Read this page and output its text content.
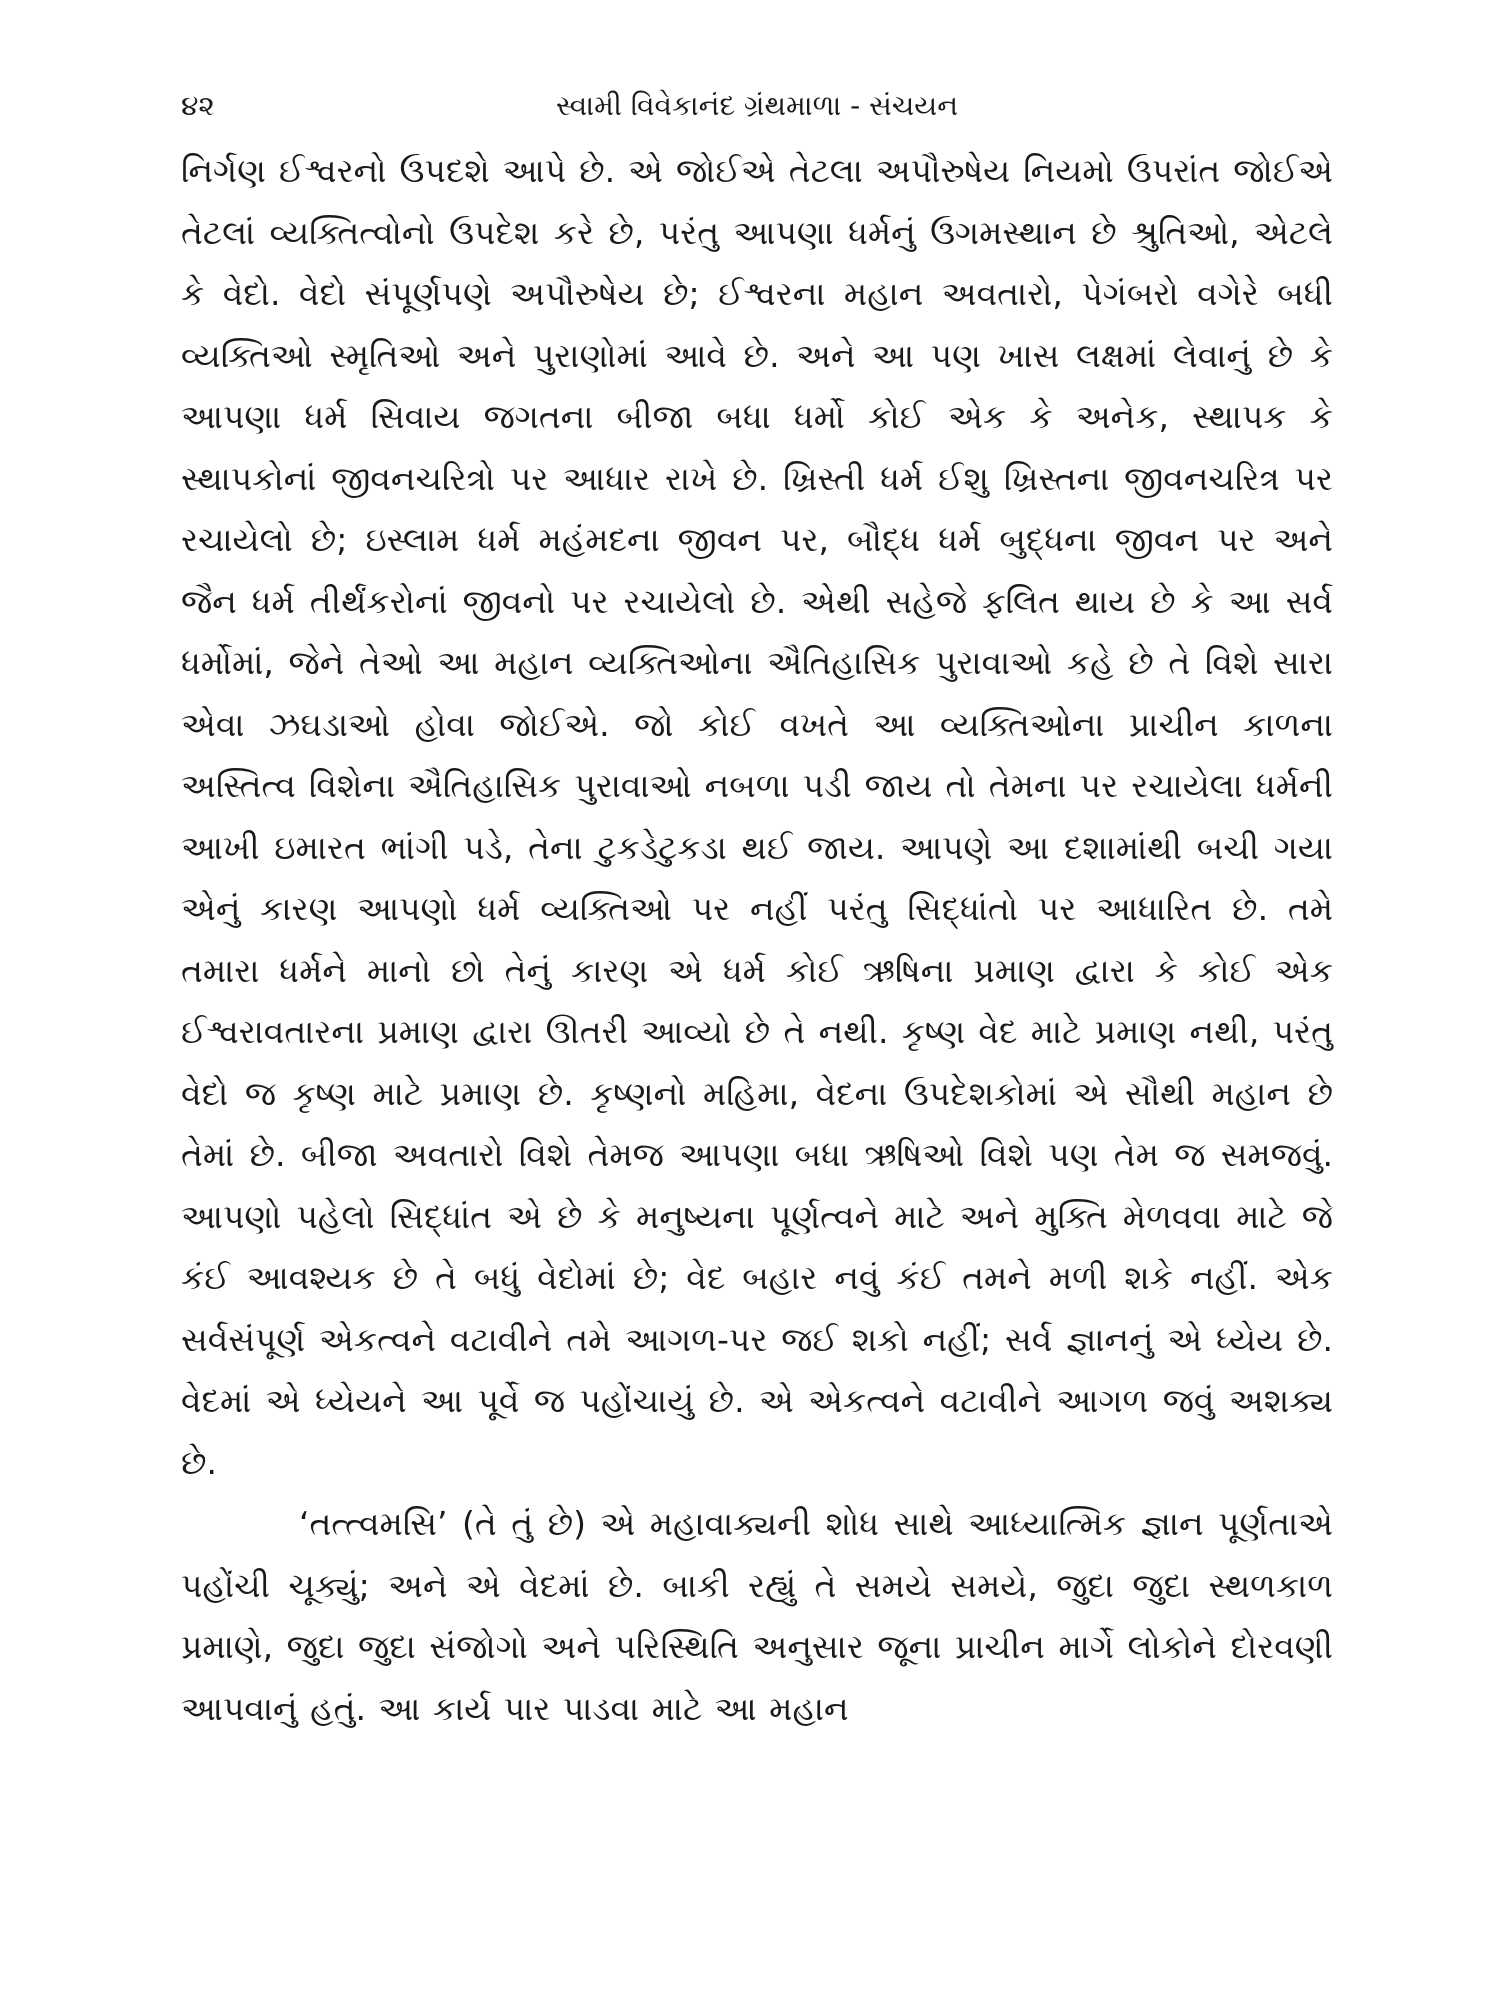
૪૨	સ્વામી વિવેકાનંદ ગ્રંથમાળા - સંચયન

નિર્ગણ ઈશ્વરનો ઉપદશે આપે છે. એ જોઈએ તેટલા અપૌરુષેય નિયમો ઉપરાંત જોઈએ તેટલાં વ્યક્તિત્વોનો ઉપદેશ કરે છે, પરંતુ આપણા ધર્મનું ઉગમસ્થાન છે શ્રુતિઓ, એટલે કે વેદો. વેદો સંપૂર્ણપણે અપૌરુષેય છે; ઈશ્વરના મહાન અવતારો, પેગંબરો વગેરે બધી વ્યક્તિઓ સ્મૃતિઓ અને પુરાણોમાં આવે છે. અને આ પણ ખાસ લક્ષમાં લેવાનું છે કે આપણા ધર્મ સિવાય જગતના બીજા બધા ધર્મો કોઈ એક કે અનેક, સ્થાપક કે સ્થાપકોનાં જીવનચરિત્રો પર આધાર રાખે છે. ખ્રિસ્તી ધર્મ ઈશુ ખ્રિસ્તના જીવનચરિત્ર પર રચાયેલો છે; ઇસ્લામ ધર્મ મહંમદના જીવન પર, બૌદ્ધ ધર્મ બુદ્ધના જીવન પર અને જૈન ધર્મ તીર્થંકરોનાં જીવનો પર રચાયેલો છે. એથી સહેજે ફલિત થાય છે કે આ સર્વ ધર્મોમાં, જેને તેઓ આ મહાન વ્યક્તિઓના ઐતિહાસિક પુરાવાઓ કહે છે તે વિશે સારા એવા ઝઘડાઓ હોવા જોઈએ. જો કોઈ વખતે આ વ્યક્તિઓના પ્રાચીન કાળના અસ્તિત્વ વિશેના ઐતિહાસિક પુરાવાઓ નબળા પડી જાય તો તેમના પર રચાયેલા ધર્મની આખી ઇમારત ભાંગી પડે, તેના ટુકડેટુકડા થઈ જાય. આપણે આ દશામાંથી બચી ગયા એનું કારણ આપણો ધર્મ વ્યક્તિઓ પર નહીં પરંતુ સિદ્ધાંતો પર આધારિત છે. તમે તમારા ધર્મને માનો છો તેનું કારણ એ ધર્મ કોઈ ઋષિના પ્રમાણ દ્વારા કે કોઈ એક ઈશ્વરાવતારના પ્રમાણ દ્વારા ઊતરી આવ્યો છે તે નથી. કૃષ્ણ વેદ માટે પ્રમાણ નથી, પરંતુ વેદો જ કૃષ્ણ માટે પ્રમાણ છે. કૃષ્ણનો મહિમા, વેદના ઉપદેશકોમાં એ સૌથી મહાન છે તેમાં છે. બીજા અવતારો વિશે તેમજ આપણા બધા ઋષિઓ વિશે પણ તેમ જ સમજવું. આપણો પહેલો સિદ્ધાંત એ છે કે મનુષ્યના પૂર્ણત્વને માટે અને મુક્તિ મેળવવા માટે જે કંઈ આવશ્યક છે તે બધું વેદોમાં છે; વેદ બહાર નવું કંઈ તમને મળી શકે નહીં. એક સર્વસંપૂર્ણ એકત્વને વટાવીને તમે આગળ-પર જઈ શકો નહીં; સર્વ જ્ઞાનનું એ ધ્યેય છે. વેદમાં એ ધ્યેયને આ પૂર્વે જ પહોંચાયું છે. એ એકત્વને વટાવીને આગળ જવું અશક્ય છે.

‘તત્ત્વમસિ’ (તે તું છે) એ મહાવાક્યની શોધ સાથે આધ્યાત્મિક જ્ઞાન પૂર્ણતાએ પહોંચી ચૂક્યું; અને એ વેદમાં છે. બાકી રહ્યું તે સમયે સમયે, જુદા જુદા સ્થળકાળ પ્રમાણે, જુદા જુદા સંજોગો અને પરિસ્થિતિ અનુસાર જૂના પ્રાચીન માર્ગે લોકોને દોરવણી આપવાનું હતું. આ કાર્ય પાર પાડવા માટે આ મહાન
